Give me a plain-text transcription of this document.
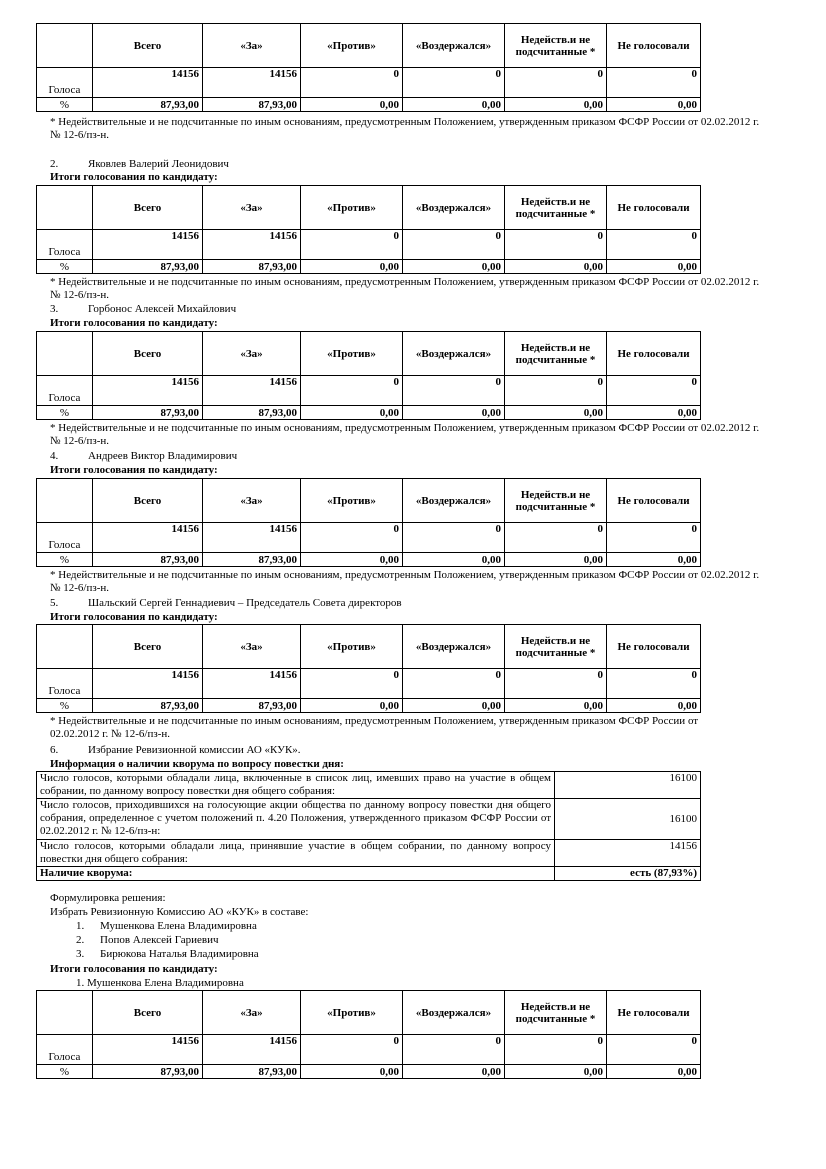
	Всего	«За»	«Против»	«Воздержался»	Недейств.и не подсчитанные *	Не голосовали
Голоса	14156	14156	0	0	0	0
%	87,93,00	87,93,00	0,00	0,00	0,00	0,00
* Недействительные и не подсчитанные по иным основаниям, предусмотренным Положением, утвержденным приказом ФСФР России от 02.02.2012 г. № 12-6/пз-н.
2.	Яковлев Валерий Леонидович
Итоги голосования по кандидату:
	Всего	«За»	«Против»	«Воздержался»	Недейств.и не подсчитанные *	Не голосовали
Голоса	14156	14156	0	0	0	0
%	87,93,00	87,93,00	0,00	0,00	0,00	0,00
* Недействительные и не подсчитанные по иным основаниям, предусмотренным Положением, утвержденным приказом ФСФР России от 02.02.2012 г. № 12-6/пз-н.
3.	Горбонос Алексей Михайлович
Итоги голосования по кандидату:
	Всего	«За»	«Против»	«Воздержался»	Недейств.и не подсчитанные *	Не голосовали
Голоса	14156	14156	0	0	0	0
%	87,93,00	87,93,00	0,00	0,00	0,00	0,00
* Недействительные и не подсчитанные по иным основаниям, предусмотренным Положением, утвержденным приказом ФСФР России от 02.02.2012 г. № 12-6/пз-н.
4.	Андреев Виктор Владимирович
Итоги голосования по кандидату:
	Всего	«За»	«Против»	«Воздержался»	Недейств.и не подсчитанные *	Не голосовали
Голоса	14156	14156	0	0	0	0
%	87,93,00	87,93,00	0,00	0,00	0,00	0,00
* Недействительные и не подсчитанные по иным основаниям, предусмотренным Положением, утвержденным приказом ФСФР России от 02.02.2012 г. № 12-6/пз-н.
5.	Шальский Сергей Геннадиевич – Председатель Совета директоров
Итоги голосования по кандидату:
	Всего	«За»	«Против»	«Воздержался»	Недейств.и не подсчитанные *	Не голосовали
Голоса	14156	14156	0	0	0	0
%	87,93,00	87,93,00	0,00	0,00	0,00	0,00
* Недействительные и не подсчитанные по иным основаниям, предусмотренным Положением, утвержденным приказом ФСФР России от 02.02.2012 г. № 12-6/пз-н.
6.	Избрание Ревизионной комиссии АО «КУК».
Информация о наличии кворума по вопросу повестки дня:
Число голосов, которыми обладали лица, включенные в список лиц, имевших право на участие в общем собрании, по данному вопросу повестки дня общего собрания:	16100
Число голосов, приходившихся на голосующие акции общества по данному вопросу повестки дня общего собрания, определенное с учетом положений п. 4.20 Положения, утвержденного приказом ФСФР России от 02.02.2012 г. № 12-6/пз-н:	16100
Число голосов, которыми обладали лица, принявшие участие в общем собрании, по данному вопросу повестки дня общего собрания:	14156
Наличие кворума:	есть (87,93%)
Формулировка решения:
Избрать Ревизионную Комиссию АО «КУК» в составе:
1. Мушенкова Елена Владимировна
2. Попов Алексей Гариевич
3. Бирюкова Наталья Владимировна
Итоги голосования по кандидату:
1. Мушенкова Елена Владимировна
	Всего	«За»	«Против»	«Воздержался»	Недейств.и не подсчитанные *	Не голосовали
Голоса	14156	14156	0	0	0	0
%	87,93,00	87,93,00	0,00	0,00	0,00	0,00
